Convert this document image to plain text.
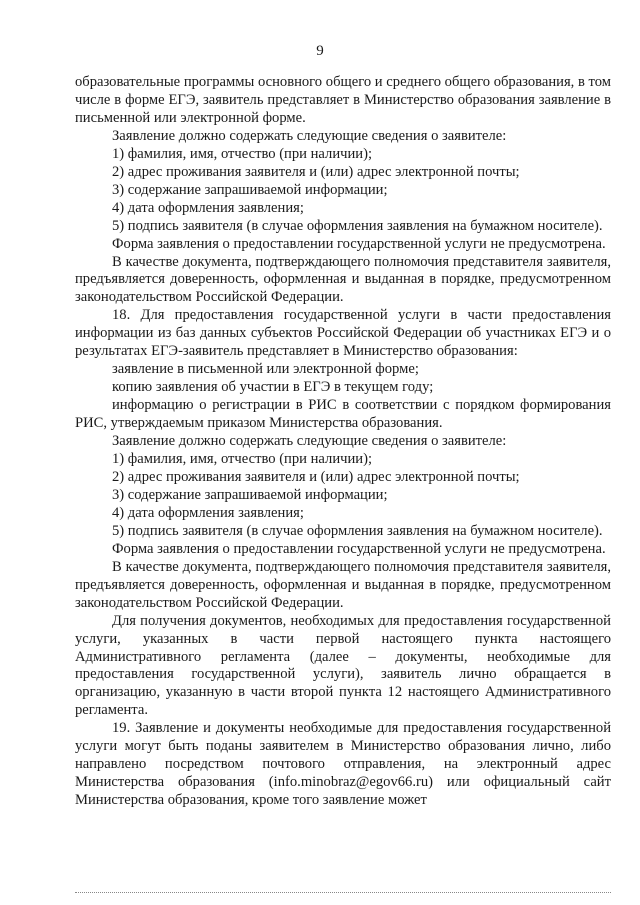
9

образовательные программы основного общего и среднего общего образования, в том числе в форме ЕГЭ, заявитель представляет в Министерство образования заявление в письменной или электронной форме.

Заявление должно содержать следующие сведения о заявителе:

1) фамилия, имя, отчество (при наличии);

2) адрес проживания заявителя и (или) адрес электронной почты;

3) содержание запрашиваемой информации;

4) дата оформления заявления;

5) подпись заявителя (в случае оформления заявления на бумажном носителе).

Форма заявления о предоставлении государственной услуги не предусмотрена.

В качестве документа, подтверждающего полномочия представителя заявителя, предъявляется доверенность, оформленная и выданная в порядке, предусмотренном законодательством Российской Федерации.

18. Для предоставления государственной услуги в части предоставления информации из баз данных субъектов Российской Федерации об участниках ЕГЭ и о результатах ЕГЭ-заявитель представляет в Министерство образования:

заявление в письменной или электронной форме;

копию заявления об участии в ЕГЭ в текущем году;

информацию о регистрации в РИС в соответствии с порядком формирования РИС, утверждаемым приказом Министерства образования.

Заявление должно содержать следующие сведения о заявителе:

1) фамилия, имя, отчество (при наличии);

2) адрес проживания заявителя и (или) адрес электронной почты;

3) содержание запрашиваемой информации;

4) дата оформления заявления;

5) подпись заявителя (в случае оформления заявления на бумажном носителе).

Форма заявления о предоставлении государственной услуги не предусмотрена.

В качестве документа, подтверждающего полномочия представителя заявителя, предъявляется доверенность, оформленная и выданная в порядке, предусмотренном законодательством Российской Федерации.

Для получения документов, необходимых для предоставления государственной услуги, указанных в части первой настоящего пункта настоящего Административного регламента (далее – документы, необходимые для предоставления государственной услуги), заявитель лично обращается в организацию, указанную в части второй пункта 12 настоящего Административного регламента.

19. Заявление и документы необходимые для предоставления государственной услуги могут быть поданы заявителем в Министерство образования лично, либо направлено посредством почтового отправления, на электронный адрес Министерства образования (info.minobraz@egov66.ru) или официальный сайт Министерства образования, кроме того заявление может
